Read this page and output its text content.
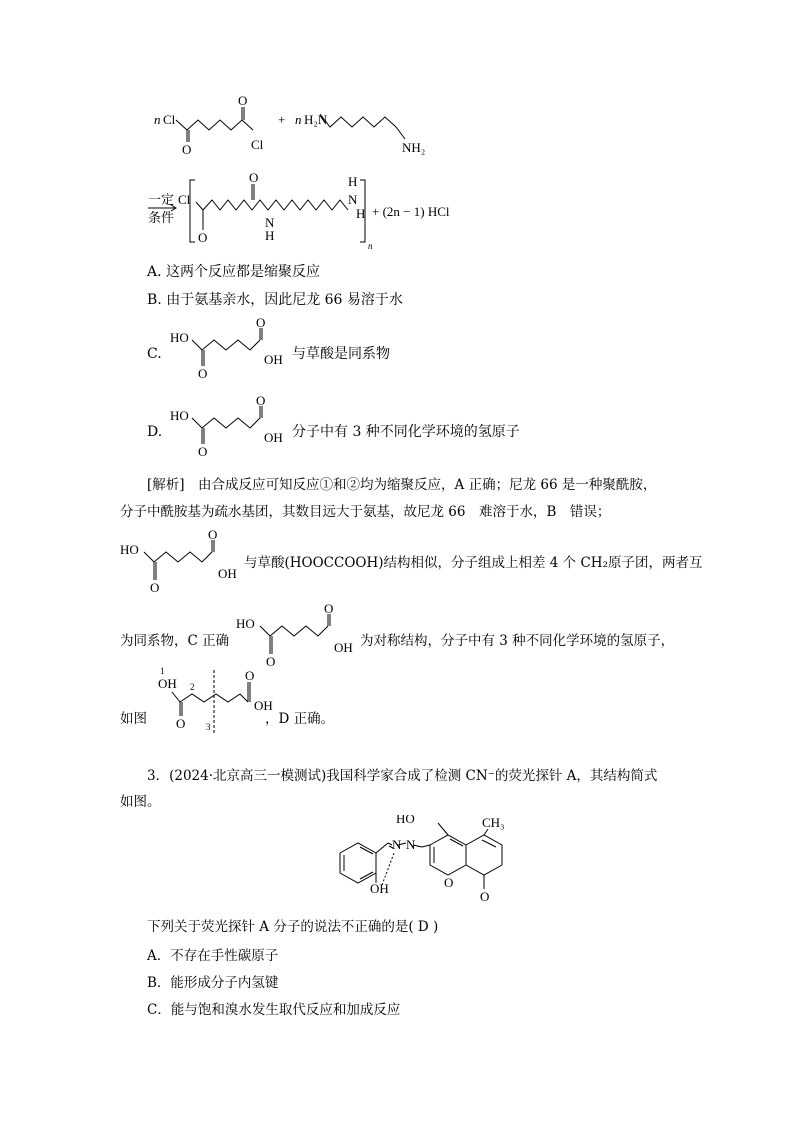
n Cl
O
O
Cl
+ n H₂N
NH₂
一定
条件
Cl
O
O
N
H
H
N
n
H + (2n − 1) HCl
A. 这两个反应都是缩聚反应
B. 由于氨基亲水，因此尼龙 66 易溶于水
C.
HO
O
O
OH 与草酸是同系物
D.
HO
O
O
OH 分子中有 3 种不同化学环境的氢原子
[解析]　由合成反应可知反应①和②均为缩聚反应，A 正确；尼龙 66 是一种聚酰胺，
分子中酰胺基为疏水基团，其数目远大于氨基，故尼龙 66　难溶于水，B　错误；
HO
O
O
OH
与草酸(HOOCCOOH)结构相似，分子组成上相差 4 个 CH₂原子团，两者互
为同系物，C 正确
HO
O
O
OH 为对称结构，分子中有 3 种不同化学环境的氢原子，
如图
1
OH
O
2
3
O
OH
，D 正确。
3．(2024·北京高三一模测试)我国科学家合成了检测 CN⁻的荧光探针 A，其结构简式
如图。
N N
OH
HO	CH₃
O
O
下列关于荧光探针 A 分子的说法不正确的是( D )
A．不存在手性碳原子
B．能形成分子内氢键
C．能与饱和溴水发生取代反应和加成反应
